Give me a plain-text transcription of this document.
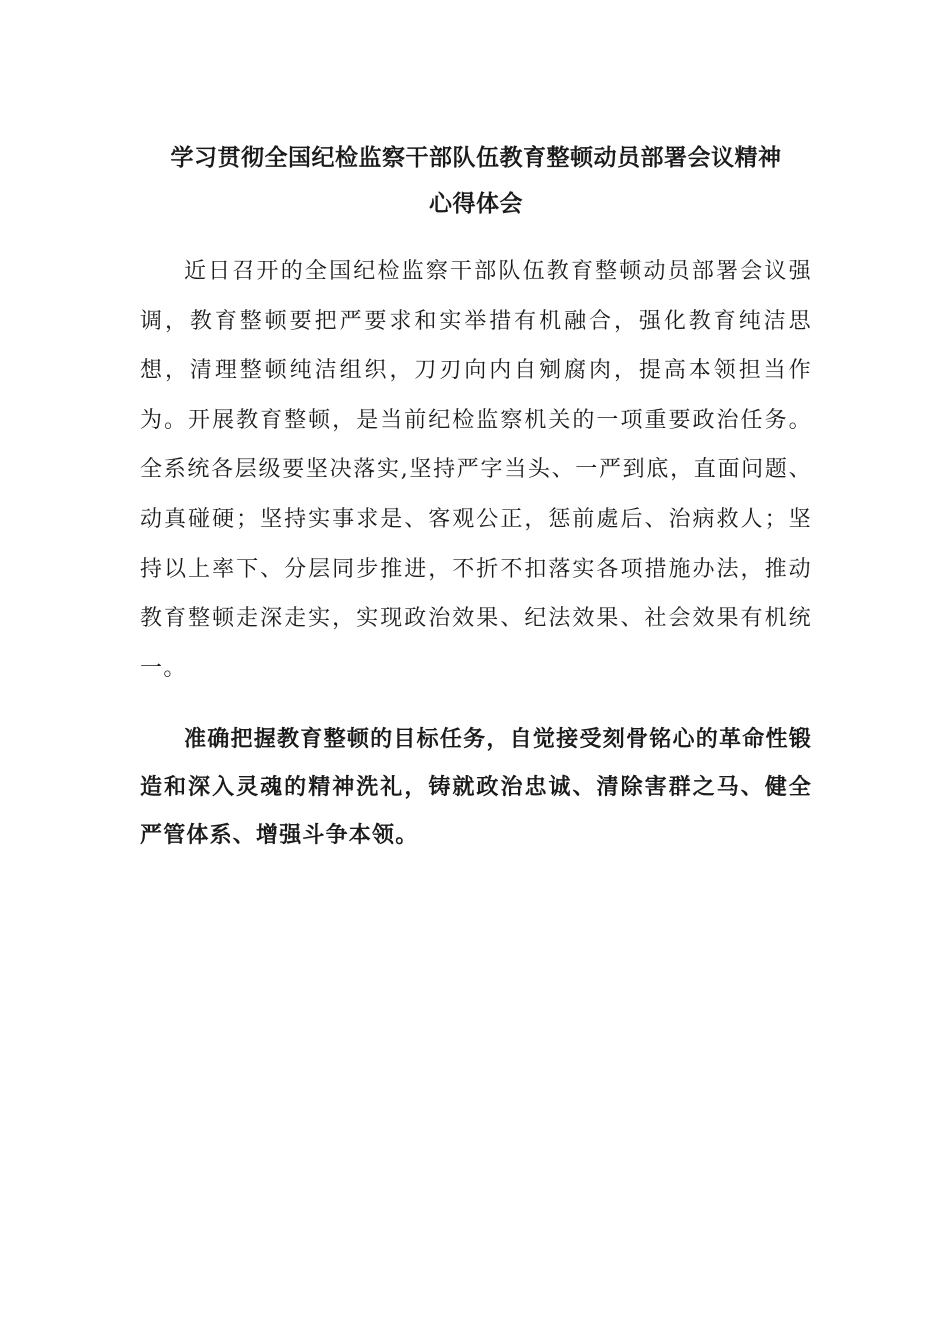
学习贯彻全国纪检监察干部队伍教育整顿动员部署会议精神
心得体会

近日召开的全国纪检监察干部队伍教育整顿动员部署会议强调，教育整顿要把严要求和实举措有机融合，强化教育纯洁思想，清理整顿纯洁组织，刀刃向内自剜腐肉，提高本领担当作为。开展教育整顿，是当前纪检监察机关的一项重要政治任务。全系统各层级要坚决落实,坚持严字当头、一严到底，直面问题、动真碰硬；坚持实事求是、客观公正，惩前處后、治病救人；坚持以上率下、分层同步推进，不折不扣落实各项措施办法，推动教育整顿走深走实，实现政治效果、纪法效果、社会效果有机统一。

准确把握教育整顿的目标任务，自觉接受刻骨铭心的革命性锻造和深入灵魂的精神洗礼，铸就政治忠诚、清除害群之马、健全严管体系、增强斗争本领。
